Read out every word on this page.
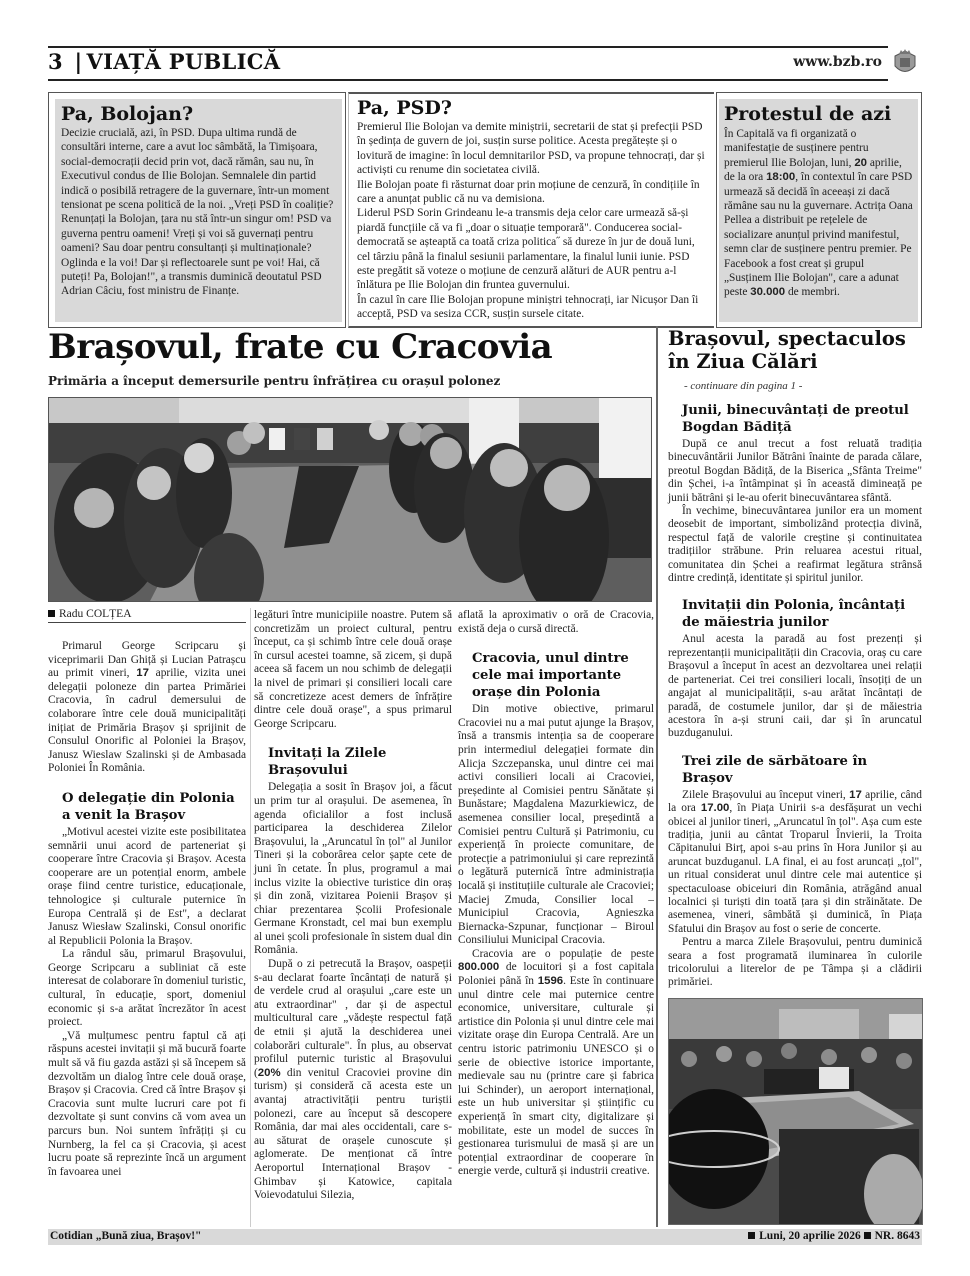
3 | VIAȚĂ PUBLICĂ	www.bzb.ro
Pa, Bolojan?

Decizie crucială, azi, în PSD. Dupa ultima rundă de consultări interne, care a avut loc sâmbătă, la Timișoara, social-democrații decid prin vot, dacă rămân, sau nu, în Executivul condus de Ilie Bolojan. Semnalele din partid indică o posibilă retragere de la guvernare, într-un moment tensionat pe scena politică de la noi. „Vreți PSD în coaliție? Renunțați la Bolojan, țara nu stă într-un singur om! PSD va guverna pentru oameni! Vreți și voi să guvernați pentru oameni? Sau doar pentru consultanți și multinaționale? Oglinda e la voi! Dar și reflectoarele sunt pe voi! Hai, că puteți! Pa, Bolojan!", a transmis duminică deoutatul PSD Adrian Câciu, fost ministru de Finanțe.

Pa, PSD?

Premierul Ilie Bolojan va demite miniștrii, secretarii de stat și prefecții PSD în ședința de guvern de joi, susțin surse politice. Acesta pregătește și o lovitură de imagine: în locul demnitarilor PSD, va propune tehnocrați, dar și activiști cu renume din societatea civilă.

Ilie Bolojan poate fi răsturnat doar prin moțiune de cenzură, în condițiile în care a anunțat public că nu va demisiona.

Liderul PSD Sorin Grindeanu le-a transmis deja celor care urmează să-și piardă funcțiile că va fi „doar o situație temporară". Conducerea social-democrată se așteaptă ca toată criza politica˝ să dureze în jur de două luni, cel târziu până la finalul sesiunii parlamentare, la finalul lunii iunie. PSD este pregătit să voteze o moțiune de cenzură alături de AUR pentru a-l înlătura pe Ilie Bolojan din fruntea guvernului.

În cazul în care Ilie Bolojan propune miniștri tehnocrați, iar Nicușor Dan îi acceptă, PSD va sesiza CCR, susțin sursele citate.

Protestul de azi

În Capitală va fi organizată o manifestație de susținere pentru premierul Ilie Bolojan, luni, 20 aprilie, de la ora 18:00, în contextul în care PSD urmează să decidă în aceeași zi dacă rămâne sau nu la guvernare. Actrița Oana Pellea a distribuit pe rețelele de socializare anunțul privind manifestul, semn clar de susținere pentru premier. Pe Facebook a fost creat și grupul „Susținem Ilie Bolojan", care a adunat peste 30.000 de membri.

Brașovul, frate cu Cracovia
Primăria a început demersurile pentru înfrățirea cu orașul polonez
Radu COLȚEA

Primarul George Scripcaru și viceprimarii Dan Ghiță și Lucian Patrașcu au primit vineri, 17 aprilie, vizita unei delegații poloneze din partea Primăriei Cracovia, în cadrul demersului de colaborare între cele două municipalități inițiat de Primăria Brașov și sprijinit de Consulul Onorific al Poloniei la Brașov, Janusz Wieslaw Szalinski și de Ambasada Poloniei În România.

O delegație din Polonia a venit la Brașov

„Motivul acestei vizite este posibilitatea semnării unui acord de parteneriat și cooperare între Cracovia și Brașov. Acesta cooperare are un potențial enorm, ambele orașe fiind centre turistice, educaționale, tehnologice și culturale puternice în Europa Centrală și de Est", a declarat Janusz Wiesław Szalinski, Consul onorific al Republicii Polonia la Brașov.

La rândul său, primarul Brașovului, George Scripcaru a subliniat că este interesat de colaborare în domeniul turistic, cultural, în educație, sport, domeniul economic și s-a arătat încrezător în acest proiect.

„Vă mulțumesc pentru faptul că ați răspuns acestei invitații și mă bucură foarte mult să vă fiu gazda astăzi și să începem să dezvoltăm un dialog între cele două orașe, Brașov și Cracovia. Cred că între Brașov și Cracovia sunt multe lucruri care pot fi dezvoltate și sunt convins că vom avea un parcurs bun. Noi suntem înfrățiți și cu Nurnberg, la fel ca și Cracovia, și acest lucru poate să reprezinte încă un argument în favoarea unei

legături între municipiile noastre. Putem să concretizăm un proiect cultural, pentru început, ca și schimb între cele două orașe în cursul acestei toamne, să zicem, și după aceea să facem un nou schimb de delegații la nivel de primari și consilieri locali care să concretizeze acest demers de înfrățire dintre cele două orașe", a spus primarul George Scripcaru.

Invitați la Zilele Brașovului

Delegația a sosit în Brașov joi, a făcut un prim tur al orașului. De asemenea, în agenda oficialilor a fost inclusă participarea la deschiderea Zilelor Brașovului, la „Aruncatul în țol" al Junilor Tineri și la coborârea celor șapte cete de juni în cetate. În plus, programul a mai inclus vizite la obiective turistice din oraș și din zonă, vizitarea Poienii Brașov și chiar prezentarea Școlii Profesionale Germane Kronstadt, cel mai bun exemplu al unei școli profesionale în sistem dual din România.

După o zi petrecută la Brașov, oaspeții s-au declarat foarte încântați de natură și de verdele crud al orașului „care este un atu extraordinar" , dar și de aspectul multicultural care „vădește respectul față de etnii și ajută la deschiderea unei colaborări culturale". În plus, au observat profilul puternic turistic al Brașovului (20% din venitul Cracoviei provine din turism) și consideră că acesta este un avantaj atractivității pentru turiștii polonezi, care au început să descopere România, dar mai ales occidentali, care s-au săturat de orașele cunoscute și aglomerate. De menționat că între Aeroportul Internațional Brașov - Ghimbav și Katowice, capitala Voievodatului Silezia,

aflată la aproximativ o oră de Cracovia, există deja o cursă directă.

Cracovia, unul dintre cele mai importante orașe din Polonia

Din motive obiective, primarul Cracoviei nu a mai putut ajunge la Brașov, însă a transmis intenția sa de cooperare prin intermediul delegației formate din Alicja Szczepanska, unul dintre cei mai activi consilieri locali ai Cracoviei, președinte al Comisiei pentru Sănătate și Bunăstare; Magdalena Mazurkiewicz, de asemenea consilier local, președintă a Comisiei pentru Cultură și Patrimoniu, cu experiență în proiecte comunitare, de protecție a patrimoniului și care reprezintă o legătură puternică între administrația locală și instituțiile culturale ale Cracoviei; Maciej Zmuda, Consilier local – Municipiul Cracovia, Agnieszka Biernacka-Szpunar, funcționar – Biroul Consiliului Municipal Cracovia.

Cracovia are o populație de peste 800.000 de locuitori și a fost capitala Poloniei până în 1596. Este în continuare unul dintre cele mai puternice centre economice, universitare, culturale și artistice din Polonia și unul dintre cele mai vizitate orașe din Europa Centrală. Are un centru istoric patrimoniu UNESCO și o serie de obiective istorice importante, medievale sau nu (printre care și fabrica lui Schinder), un aeroport internațional, este un hub universitar și științific cu experiență în smart city, digitalizare și mobilitate, este un model de succes în gestionarea turismului de masă și are un potențial extraordinar de cooperare în energie verde, cultură și industrii creative.

Brașovul, spectaculos în Ziua Călări
- continuare din pagina 1 -
Junii, binecuvântați de preotul Bogdan Bădiță

După ce anul trecut a fost reluată tradiția binecuvântării Junilor Bătrâni înainte de parada călare, preotul Bogdan Bădiță, de la Biserica „Sfânta Treime" din Șchei, i-a întâmpinat și în această dimineață pe junii bătrâni și le-au oferit binecuvântarea sfântă.

În vechime, binecuvântarea junilor era un moment deosebit de important, simbolizând protecția divină, respectul față de valorile creștine și continuitatea tradițiilor străbune. Prin reluarea acestui ritual, comunitatea din Șchei a reafirmat legătura strânsă dintre credință, identitate și spiritul junilor.

Invitații din Polonia, încântați de măiestria junilor

Anul acesta la paradă au fost prezenți și reprezentanții municipalității din Cracovia, oraș cu care Brașovul a început în acest an dezvoltarea unei relații de parteneriat. Cei trei consilieri locali, însoțiți de un angajat al municipalității, s-au arătat încântați de paradă, de costumele junilor, dar și de măiestria acestora în a-și struni caii, dar și în aruncatul buzduganului.

Trei zile de sărbătoare în Brașov

Zilele Brașovului au început vineri, 17 aprilie, când la ora 17.00, în Piața Unirii s-a desfășurat un vechi obicei al junilor tineri, „Aruncatul în țol". Așa cum este tradiția, junii au cântat Troparul Învierii, la Troita Căpitanului Birț, apoi s-au prins în Hora Junilor și au aruncat buzduganul. LA final, ei au fost aruncați „țol", un ritual considerat unul dintre cele mai autentice și spectaculoase obiceiuri din România, atrăgând anual localnici și turiști din toată țara și din străinătate. De asemenea, vineri, sâmbătă și duminică, în Piața Sfatului din Brașov au fost o serie de concerte.

Pentru a marca Zilele Brașovului, pentru duminică seara a fost programată iluminarea în culorile tricolorului a literelor de pe Tâmpa și a clădirii primăriei.

Cotidian „Bună ziua, Brașov!"	Luni, 20 aprilie 2026 NR. 8643
